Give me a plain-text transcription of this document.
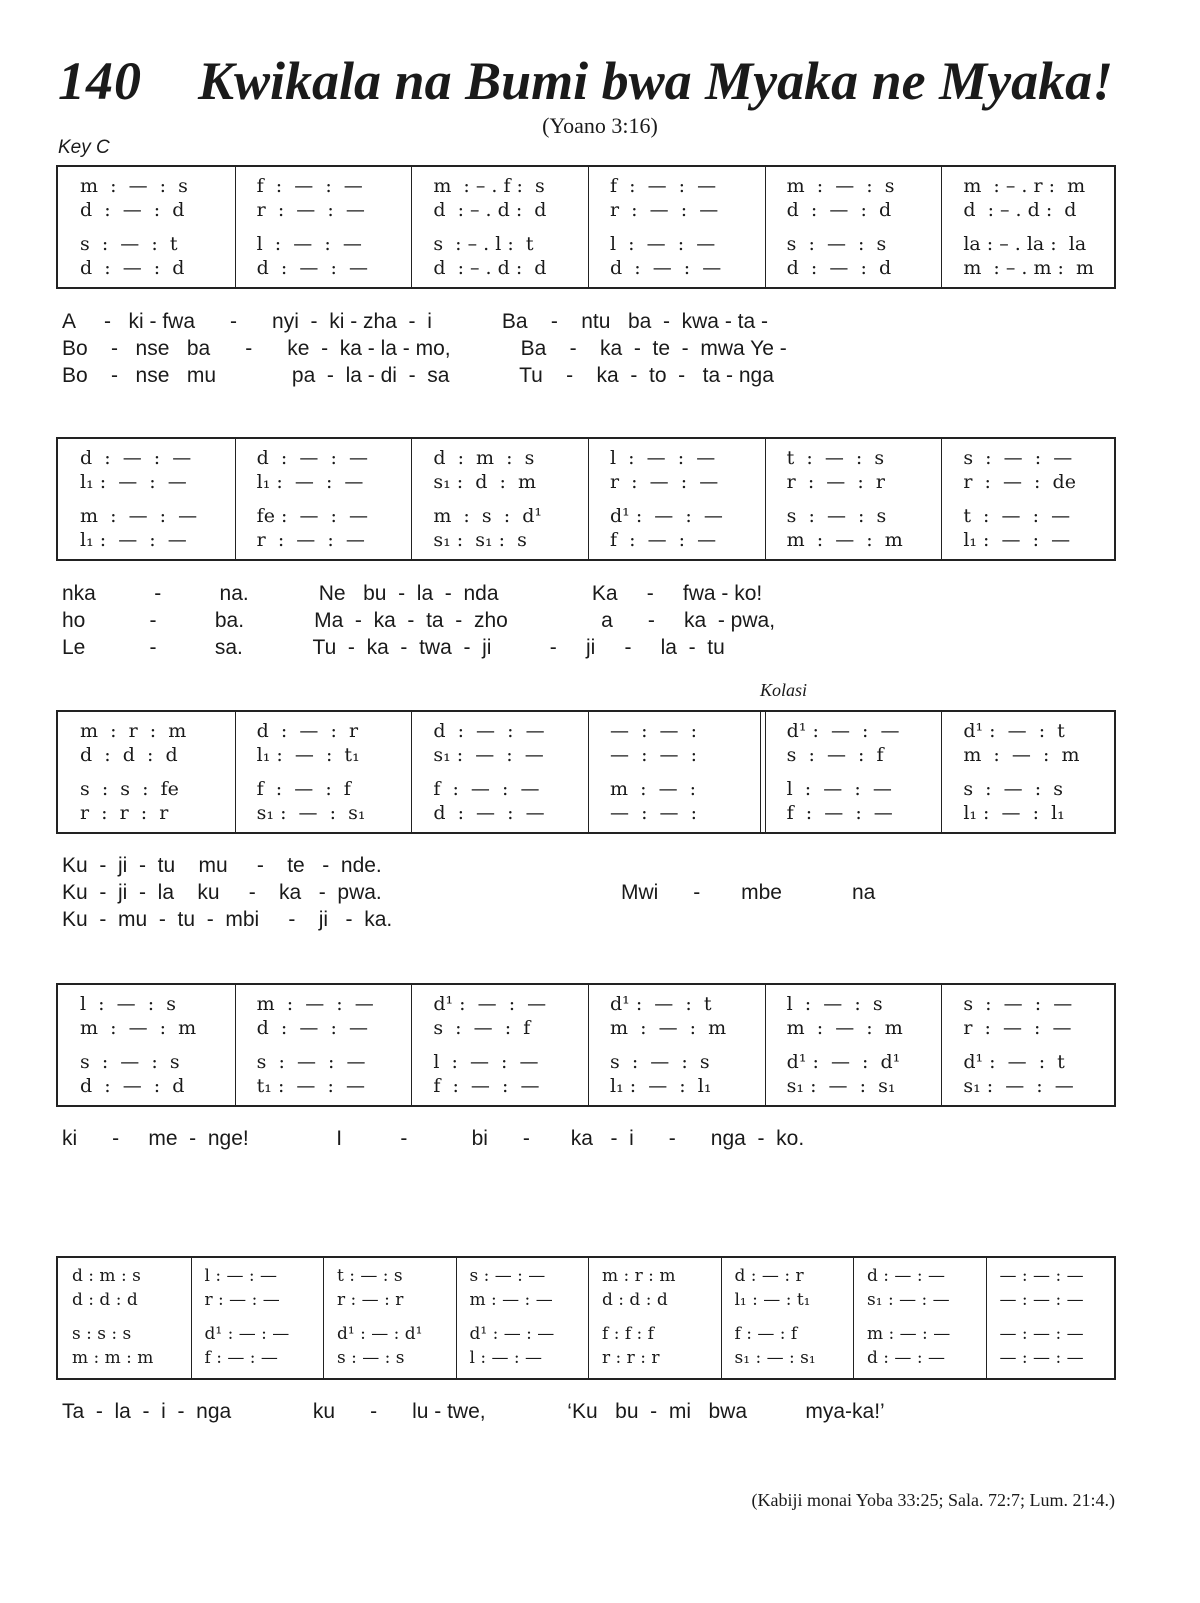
140 Kwikala na Bumi bwa Myaka ne Myaka!
(Yoano 3:16)
Key C
Kolasi
m  :  —  :  s
d  :  —  :  d
s  :  —  :  t
d  :  —  :  d
f  :  —  :  —
r  :  —  :  —
l  :  —  :  —
d  :  —  :  —
m  : – . f :  s
d  : – . d :  d
s  : – . l :  t
d  : – . d :  d
f  :  —  :  —
r  :  —  :  —
l  :  —  :  —
d  :  —  :  —
m  :  —  :  s
d  :  —  :  d
s  :  —  :  s
d  :  —  :  d
m  : – . r :  m
d  : – . d :  d
la : – . la :  la
m  : – . m :  m
A     -   ki - fwa      -      nyi  -  ki - zha  -  i            Ba    -    ntu   ba  -  kwa - ta -
Bo    -   nse   ba      -      ke  -  ka - la - mo,            Ba    -    ka  -  te  -  mwa Ye -
Bo    -   nse   mu             pa  -  la - di  -  sa            Tu    -    ka  -  to  -   ta - nga
d  :  —  :  —
l₁ :  —  :  —
m  :  —  :  —
l₁ :  —  :  —
d  :  —  :  —
l₁ :  —  :  —
fe :  —  :  —
r  :  —  :  —
d  :  m  :  s
s₁ :  d  :  m
m  :  s  :  d¹
s₁ :  s₁ :  s
l  :  —  :  —
r  :  —  :  —
d¹ :  —  :  —
f  :  —  :  —
t  :  —  :  s
r  :  —  :  r
s  :  —  :  s
m  :  —  :  m
s  :  —  :  —
r  :  —  :  de
t  :  —  :  —
l₁ :  —  :  —
nka          -          na.            Ne   bu  -  la  -  nda                Ka     -     fwa - ko!
ho           -          ba.            Ma  -  ka  -  ta  -  zho                a      -     ka  - pwa,
Le           -          sa.            Tu  -  ka  -  twa  -  ji          -     ji     -     la  -  tu
m  :  r  :  m
d  :  d  :  d
s  :  s  :  fe
r  :  r  :  r
d  :  —  :  r
l₁ :  —  :  t₁
f  :  —  :  f
s₁ :  —  :  s₁
d  :  —  :  —
s₁ :  —  :  —
f  :  —  :  —
d  :  —  :  —
—  :  —  :
—  :  —  :
m  :  —  :
—  :  —  :
d¹ :  —  :  —
s  :  —  :  f
l  :  —  :  —
f  :  —  :  —
d¹ :  —  :  t
m  :  —  :  m
s  :  —  :  s
l₁ :  —  :  l₁
Ku  -  ji  -  tu    mu     -    te   -  nde.
Ku  -  ji  -  la    ku     -    ka   -  pwa.                                         Mwi      -       mbe            na
Ku  -  mu  -  tu  -  mbi     -    ji   -  ka.
l  :  —  :  s
m  :  —  :  m
s  :  —  :  s
d  :  —  :  d
m  :  —  :  —
d  :  —  :  —
s  :  —  :  —
t₁ :  —  :  —
d¹ :  —  :  —
s  :  —  :  f
l  :  —  :  —
f  :  —  :  —
d¹ :  —  :  t
m  :  —  :  m
s  :  —  :  s
l₁ :  —  :  l₁
l  :  —  :  s
m  :  —  :  m
d¹ :  —  :  d¹
s₁ :  —  :  s₁
s  :  —  :  —
r  :  —  :  —
d¹ :  —  :  t
s₁ :  —  :  —
ki      -     me  -  nge!               I          -           bi      -       ka   -  i      -      nga  -  ko.
d : m : s
d : d : d
s : s : s
m : m : m
l : — : —
r : — : —
d¹ : — : —
f : — : —
t : — : s
r : — : r
d¹ : — : d¹
s : — : s
s : — : —
m : — : —
d¹ : — : —
l : — : —
m : r : m
d : d : d
f : f : f
r : r : r
d : — : r
l₁ : — : t₁
f : — : f
s₁ : — : s₁
d : — : —
s₁ : — : —
m : — : —
d : — : —
— : — : —
— : — : —
— : — : —
— : — : —
Ta  -  la  -  i  -  nga              ku      -      lu - twe,              ‘Ku   bu  -  mi   bwa          mya-ka!’
(Kabiji monai Yoba 33:25; Sala. 72:7; Lum. 21:4.)
